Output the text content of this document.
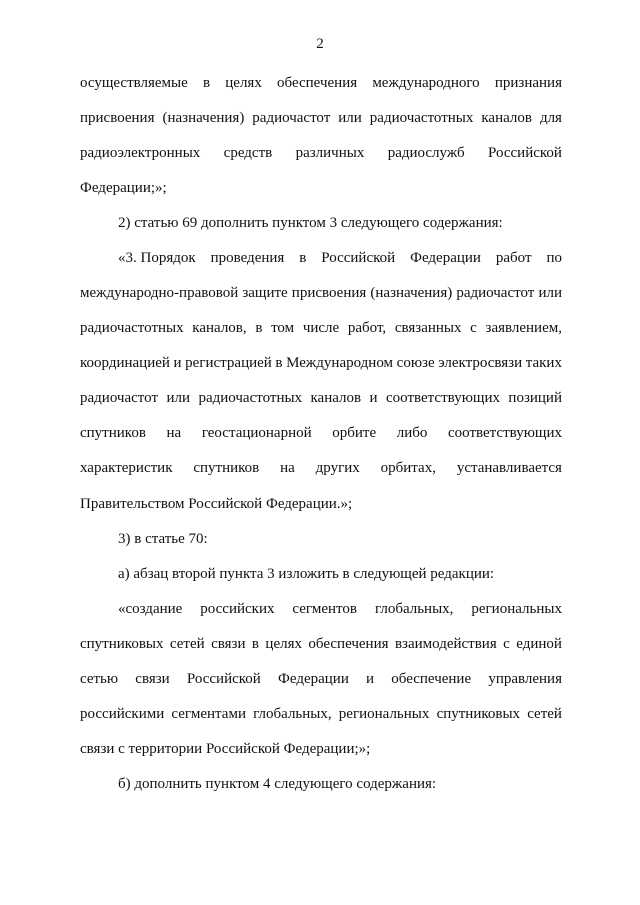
2
осуществляемые в целях обеспечения международного признания
присвоения (назначения) радиочастот или радиочастотных каналов для
радиоэлектронных средств различных радиослужб Российской
Федерации;»;
2) статью 69 дополнить пунктом 3 следующего содержания:
«3. Порядок проведения в Российской Федерации работ по
международно-правовой защите присвоения (назначения) радиочастот или
радиочастотных каналов, в том числе работ, связанных с заявлением,
координацией и регистрацией в Международном союзе электросвязи таких
радиочастот или радиочастотных каналов и соответствующих позиций
спутников на геостационарной орбите либо соответствующих
характеристик спутников на других орбитах, устанавливается
Правительством Российской Федерации.»;
3) в статье 70:
а) абзац второй пункта 3 изложить в следующей редакции:
«создание российских сегментов глобальных, региональных
спутниковых сетей связи в целях обеспечения взаимодействия с единой
сетью связи Российской Федерации и обеспечение управления
российскими сегментами глобальных, региональных спутниковых сетей
связи с территории Российской Федерации;»;
б) дополнить пунктом 4 следующего содержания:
